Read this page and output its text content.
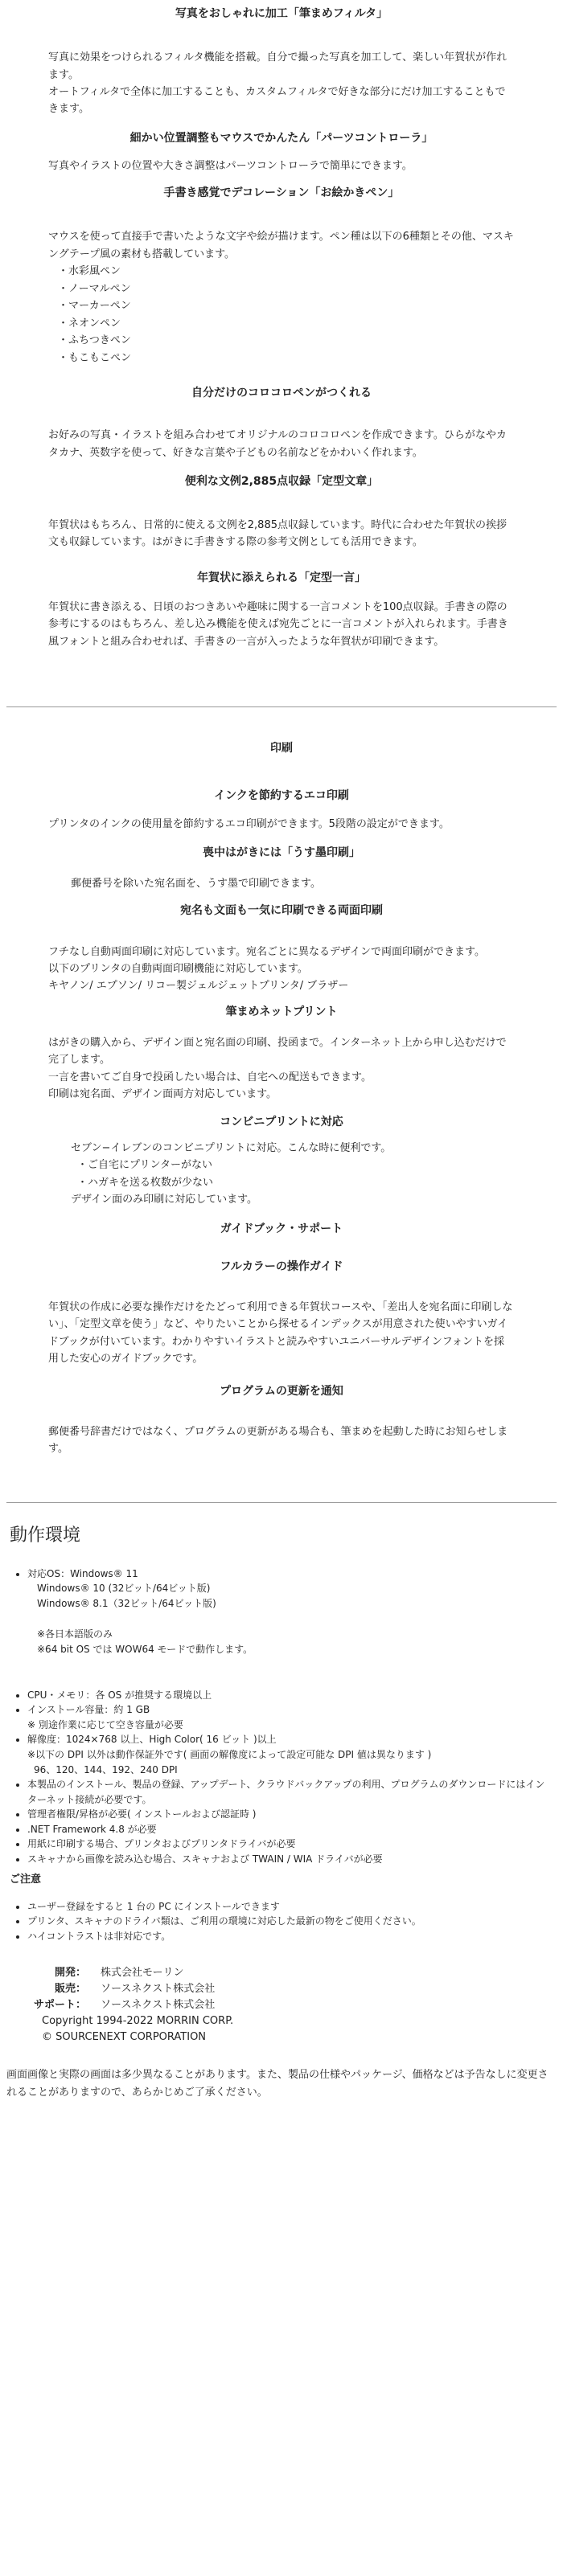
写真をおしゃれに加工「筆まめフィルタ」

写真に効果をつけられるフィルタ機能を搭載。自分で撮った写真を加工して、楽しい年賀状が作れます。

オートフィルタで全体に加工することも、カスタムフィルタで好きな部分にだけ加工することもできます。

細かい位置調整もマウスでかんたん「パーツコントローラ」

写真やイラストの位置や大きさ調整はパーツコントローラで簡単にできます。

手書き感覚でデコレーション「お絵かきペン」

マウスを使って直接手で書いたような文字や絵が描けます。ペン種は以下の6種類とその他、マスキングテープ風の素材も搭載しています。

・水彩風ペン
・ノーマルペン
・マーカーペン
・ネオンペン
・ふちつきペン
・もこもこペン
自分だけのコロコロペンがつくれる

お好みの写真・イラストを組み合わせてオリジナルのコロコロペンを作成できます。ひらがなやカタカナ、英数字を使って、好きな言葉や子どもの名前などをかわいく作れます。

便利な文例2,885点収録「定型文章」

年賀状はもちろん、日常的に使える文例を2,885点収録しています。時代に合わせた年賀状の挨拶文も収録しています。はがきに手書きする際の参考文例としても活用できます。

年賀状に添えられる「定型一言」

年賀状に書き添える、日頃のおつきあいや趣味に関する一言コメントを100点収録。手書きの際の参考にするのはもちろん、差し込み機能を使えば宛先ごとに一言コメントが入れられます。手書き風フォントと組み合わせれば、手書きの一言が入ったような年賀状が印刷できます。

印刷
インクを節約するエコ印刷

プリンタのインクの使用量を節約するエコ印刷ができます。5段階の設定ができます。

喪中はがきには「うす墨印刷」

郵便番号を除いた宛名面を、うす墨で印刷できます。

宛名も文面も一気に印刷できる両面印刷

フチなし自動両面印刷に対応しています。宛名ごとに異なるデザインで両面印刷ができます。

以下のプリンタの自動両面印刷機能に対応しています。

キヤノン/ エプソン/ リコー製ジェルジェットプリンタ/ ブラザー

筆まめネットプリント

はがきの購入から、デザイン面と宛名面の印刷、投函まで。インターネット上から申し込むだけで完了します。

一言を書いてご自身で投函したい場合は、自宅への配送もできます。

印刷は宛名面、デザイン面両方対応しています。

コンビニプリントに対応

セブン−イレブンのコンビニプリントに対応。こんな時に便利です。

・ご自宅にプリンターがない

・ハガキを送る枚数が少ない

デザイン面のみ印刷に対応しています。

ガイドブック・サポート
フルカラーの操作ガイド

年賀状の作成に必要な操作だけをたどって利用できる年賀状コースや、「差出人を宛名面に印刷しない」、「定型文章を使う」など、やりたいことから探せるインデックスが用意された使いやすいガイドブックが付いています。わかりやすいイラストと読みやすいユニバーサルデザインフォントを採用した安心のガイドブックです。

プログラムの更新を通知

郵便番号辞書だけではなく、プログラムの更新がある場合も、筆まめを起動した時にお知らせします。

動作環境
• 対応OS：Windows® 11

Windows® 10 (32ビット/64ビット版)

Windows® 8.1（32ビット/64ビット版)

※各日本語版のみ

※64 bit OS では WOW64 モードで動作します。

• CPU・メモリ：各 OS が推奨する環境以上
• インストール容量：約 1 GB
※ 別途作業に応じて空き容量が必要
• 解像度：1024×768 以上、High Color( 16 ビット )以上
※以下の DPI 以外は動作保証外です( 画面の解像度によって設定可能な DPI 値は異なります )
96、120、144、192、240 DPI
• 本製品のインストール、製品の登録、アップデート、クラウドバックアップの利用、プログラムのダウンロードにはインターネット接続が必要です。
• 管理者権限/昇格が必要( インストールおよび認証時 )
• .NET Framework 4.8 が必要
• 用紙に印刷する場合、プリンタおよびプリンタドライバが必要
• スキャナから画像を読み込む場合、スキャナおよび TWAIN / WIA ドライバが必要
ご注意
• ユーザー登録をすると 1 台の PC にインストールできます
• プリンタ、スキャナのドライバ類は、ご利用の環境に対応した最新の物をご使用ください。
• ハイコントラストは非対応です。
開発： 株式会社モーリン
販売： ソースネクスト株式会社
サポート： ソースネクスト株式会社

Copyright 1994-2022 MORRIN CORP.

© SOURCENEXT CORPORATION

画面画像と実際の画面は多少異なることがあります。また、製品の仕様やパッケージ、価格などは予告なしに変更されることがありますので、あらかじめご了承ください。
